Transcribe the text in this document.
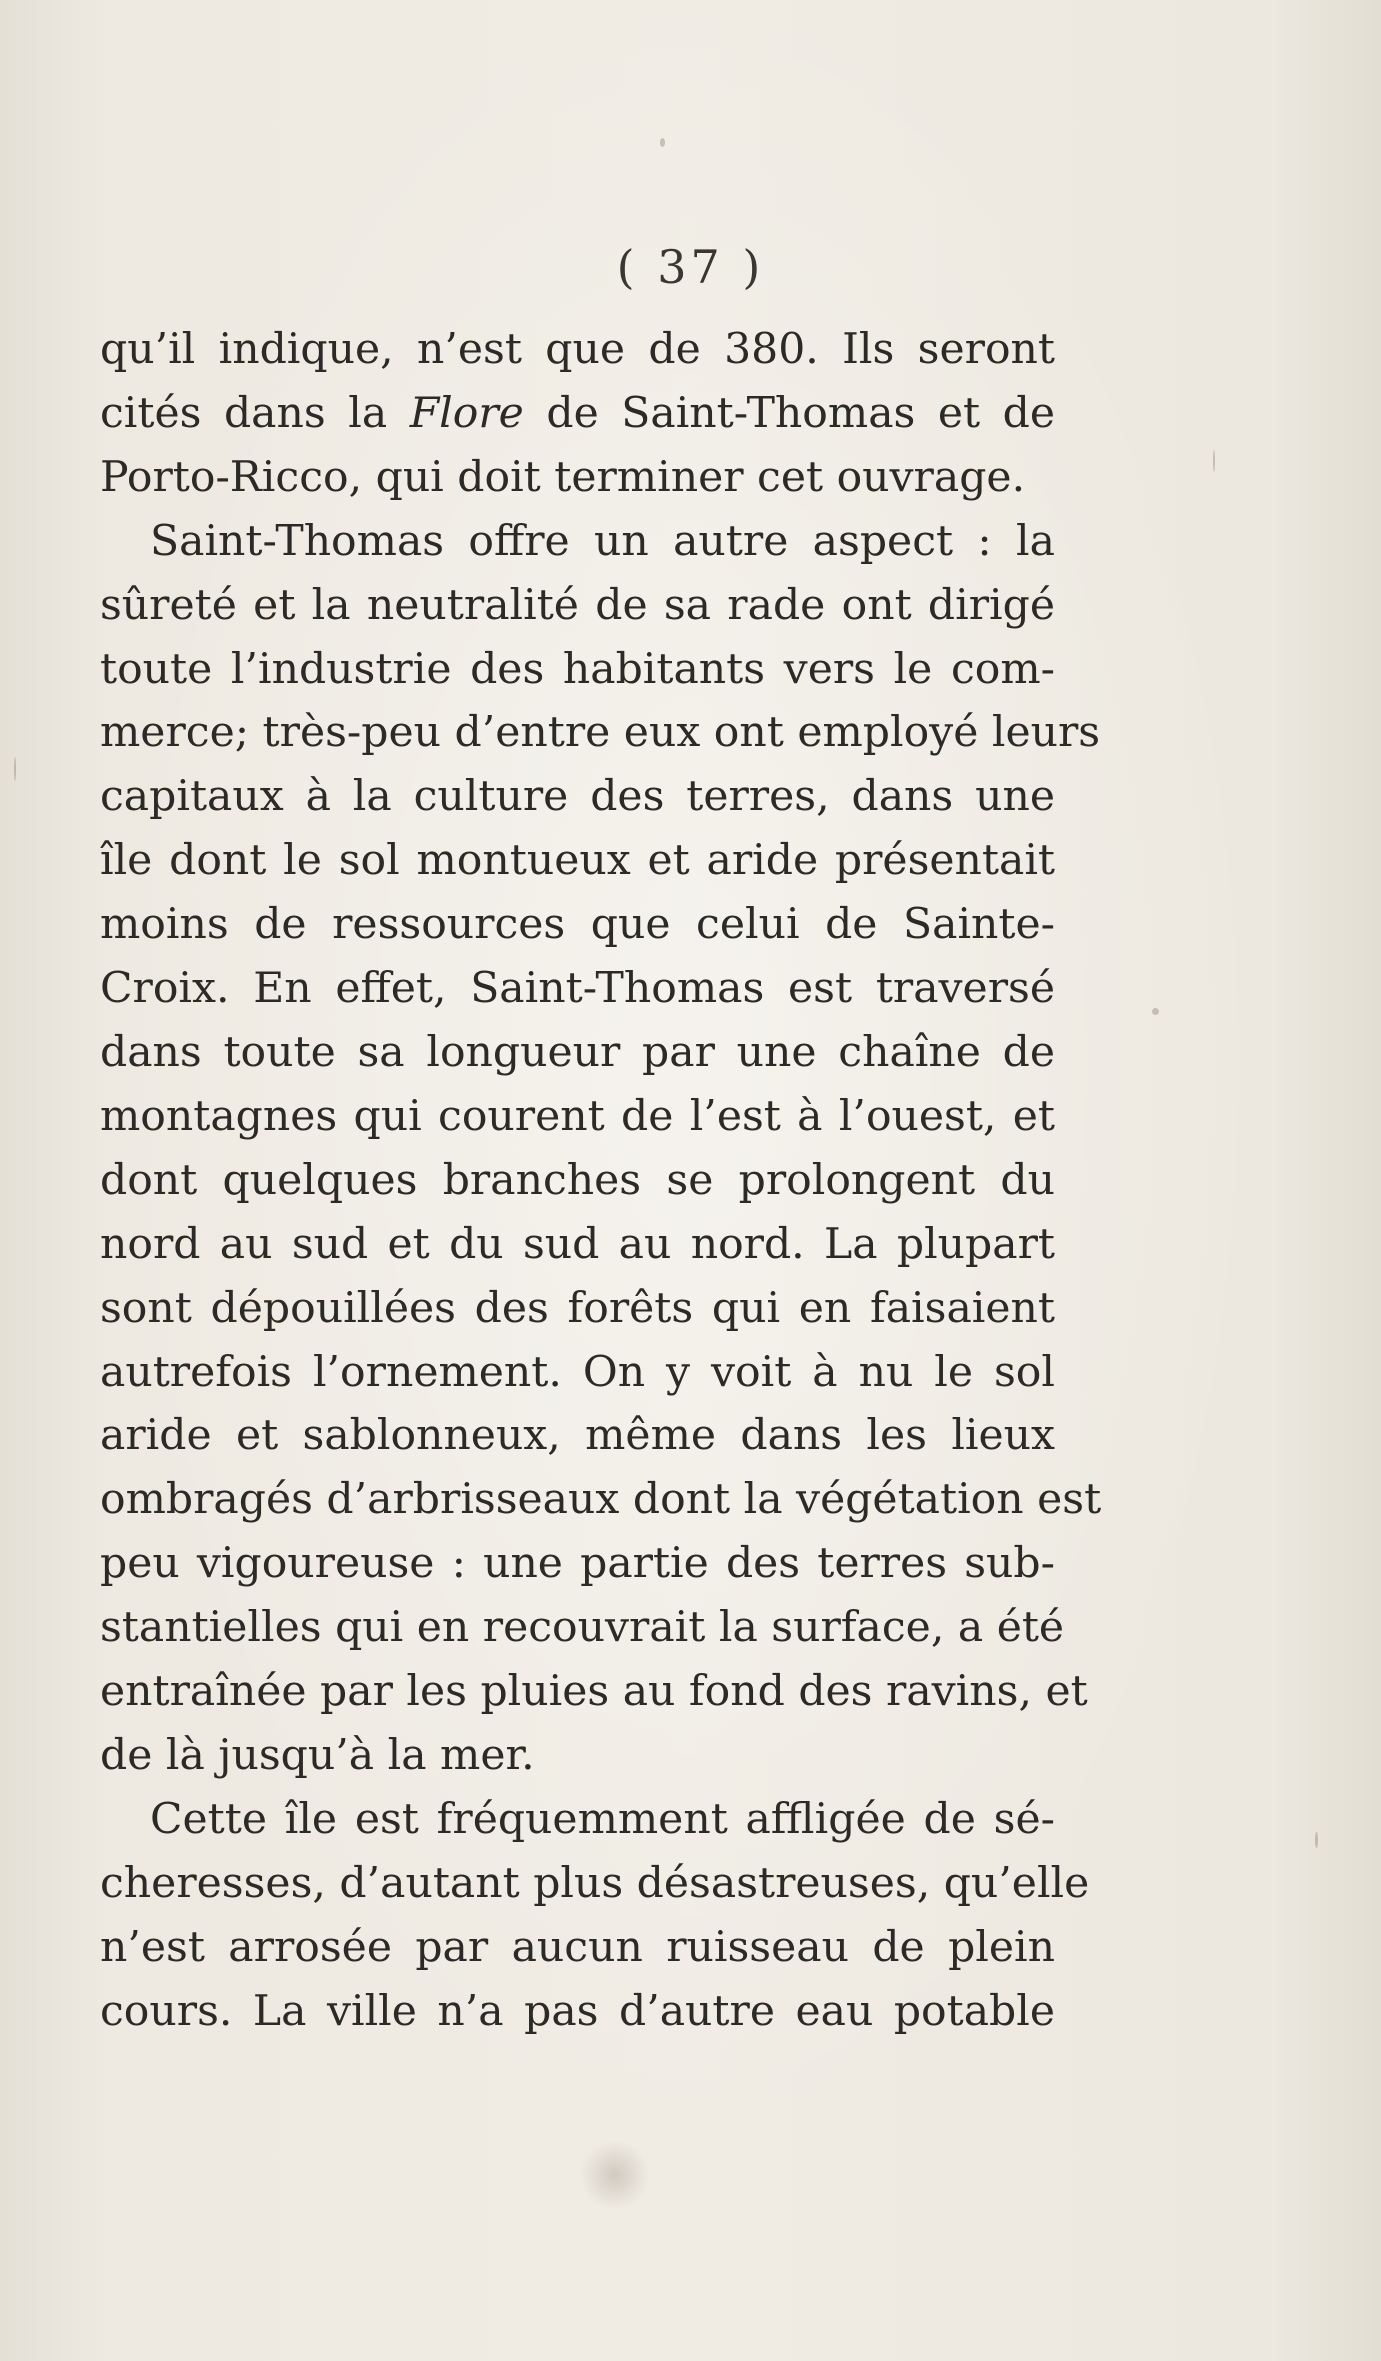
( 37 )

qu’il indique, n’est que de 380. Ils seront
cités dans la Flore de Saint-Thomas et de
Porto-Ricco, qui doit terminer cet ouvrage.

Saint-Thomas offre un autre aspect : la
sûreté et la neutralité de sa rade ont dirigé
toute l’industrie des habitants vers le com-
merce; très-peu d’entre eux ont employé leurs
capitaux à la culture des terres, dans une
île dont le sol montueux et aride présentait
moins de ressources que celui de Sainte-
Croix. En effet, Saint-Thomas est traversé
dans toute sa longueur par une chaîne de
montagnes qui courent de l’est à l’ouest, et
dont quelques branches se prolongent du
nord au sud et du sud au nord. La plupart
sont dépouillées des forêts qui en faisaient
autrefois l’ornement. On y voit à nu le sol
aride et sablonneux, même dans les lieux
ombragés d’arbrisseaux dont la végétation est
peu vigoureuse : une partie des terres sub-
stantielles qui en recouvrait la surface, a été
entraînée par les pluies au fond des ravins, et
de là jusqu’à la mer.

Cette île est fréquemment affligée de sé-
cheresses, d’autant plus désastreuses, qu’elle
n’est arrosée par aucun ruisseau de plein
cours. La ville n’a pas d’autre eau potable
